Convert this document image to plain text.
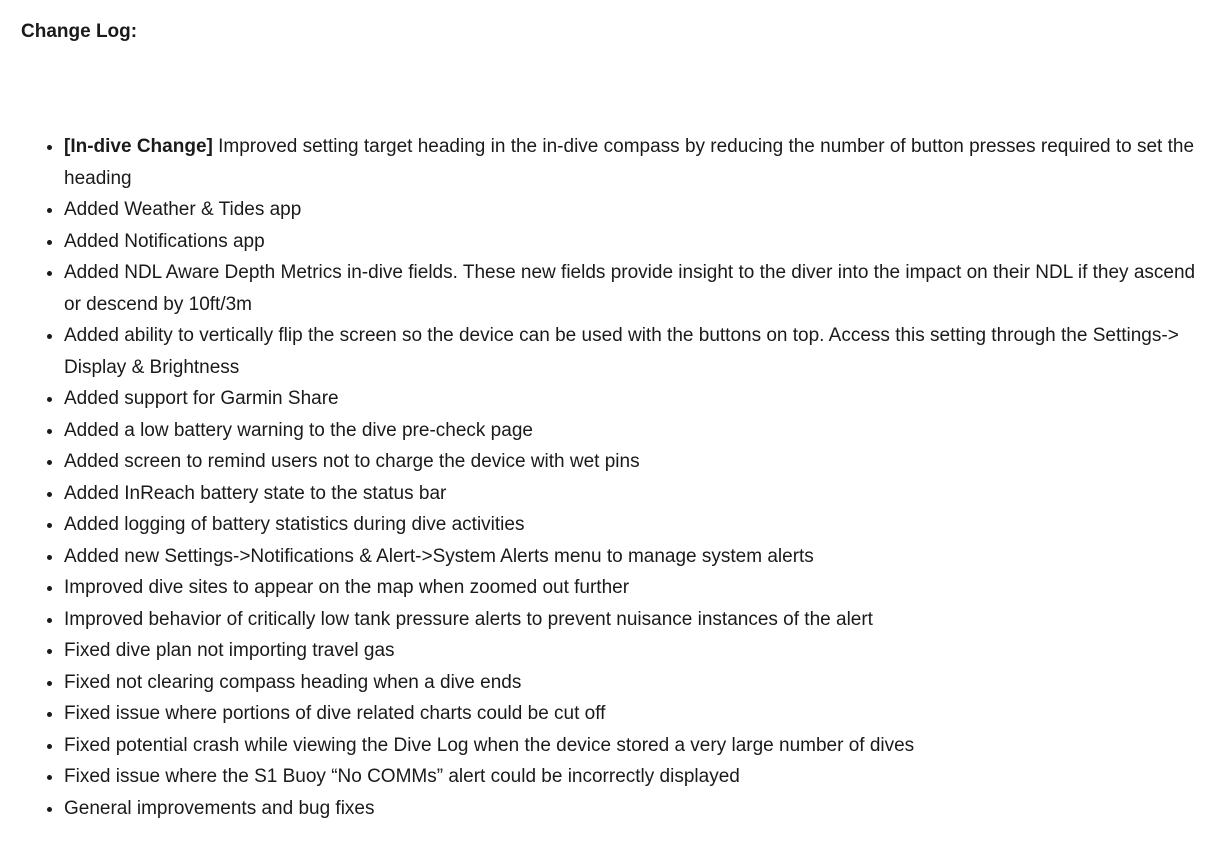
Change Log:
• [In-dive Change] Improved setting target heading in the in-dive compass by reducing the number of button presses required to set the heading
• Added Weather & Tides app
• Added Notifications app
• Added NDL Aware Depth Metrics in-dive fields. These new fields provide insight to the diver into the impact on their NDL if they ascend or descend by 10ft/3m
• Added ability to vertically flip the screen so the device can be used with the buttons on top. Access this setting through the Settings-> Display & Brightness
• Added support for Garmin Share
• Added a low battery warning to the dive pre-check page
• Added screen to remind users not to charge the device with wet pins
• Added InReach battery state to the status bar
• Added logging of battery statistics during dive activities
• Added new Settings->Notifications & Alert->System Alerts menu to manage system alerts
• Improved dive sites to appear on the map when zoomed out further
• Improved behavior of critically low tank pressure alerts to prevent nuisance instances of the alert
• Fixed dive plan not importing travel gas
• Fixed not clearing compass heading when a dive ends
• Fixed issue where portions of dive related charts could be cut off
• Fixed potential crash while viewing the Dive Log when the device stored a very large number of dives
• Fixed issue where the S1 Buoy “No COMMs” alert could be incorrectly displayed
• General improvements and bug fixes
